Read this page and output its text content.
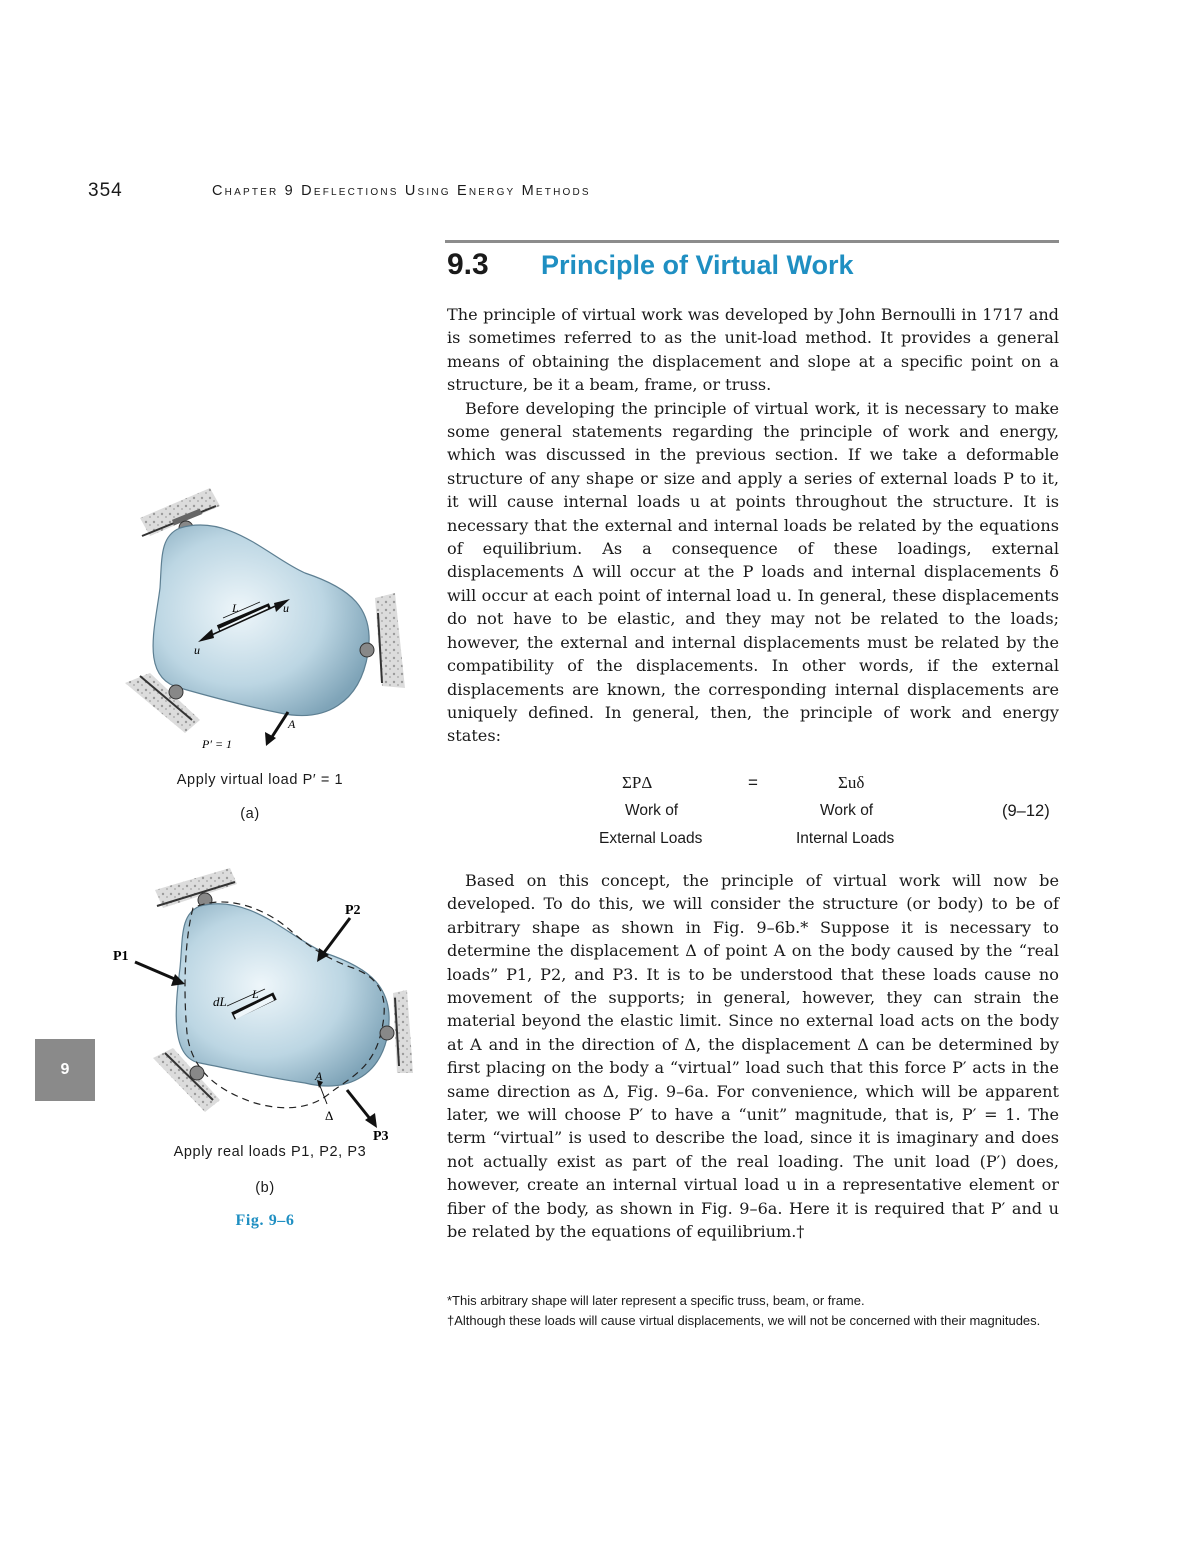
354	Chapter 9 Deflections Using Energy Methods
9.3 Principle of Virtual Work

The principle of virtual work was developed by John Bernoulli in 1717 and is sometimes referred to as the unit-load method. It provides a general means of obtaining the displacement and slope at a specific point on a structure, be it a beam, frame, or truss.

Before developing the principle of virtual work, it is necessary to make some general statements regarding the principle of work and energy, which was discussed in the previous section. If we take a deformable structure of any shape or size and apply a series of external loads P to it, it will cause internal loads u at points throughout the structure. It is necessary that the external and internal loads be related by the equations of equilibrium. As a consequence of these loadings, external displacements Δ will occur at the P loads and internal displacements δ will occur at each point of internal load u. In general, these displacements do not have to be elastic, and they may not be related to the loads; however, the external and internal displacements must be related by the compatibility of the displacements. In other words, if the external displacements are known, the corresponding internal displacements are uniquely defined. In general, then, the principle of work and energy states:

ΣPΔ	=	Σuδ
Work of	Work of	(9–12)
External Loads	Internal Loads

Based on this concept, the principle of virtual work will now be developed. To do this, we will consider the structure (or body) to be of arbitrary shape as shown in Fig. 9–6b.* Suppose it is necessary to determine the displacement Δ of point A on the body caused by the “real loads” P1, P2, and P3. It is to be understood that these loads cause no movement of the supports; in general, however, they can strain the material beyond the elastic limit. Since no external load acts on the body at A and in the direction of Δ, the displacement Δ can be determined by first placing on the body a “virtual” load such that this force P′ acts in the same direction as Δ, Fig. 9–6a. For convenience, which will be apparent later, we will choose P′ to have a “unit” magnitude, that is, P′ = 1. The term “virtual” is used to describe the load, since it is imaginary and does not actually exist as part of the real loading. The unit load (P′) does, however, create an internal virtual load u in a representative element or fiber of the body, as shown in Fig. 9–6a. Here it is required that P′ and u be related by the equations of equilibrium.†

*This arbitrary shape will later represent a specific truss, beam, or frame.
†Although these loads will cause virtual displacements, we will not be concerned with their magnitudes.
9
u
u
L
A
P′ = 1
Apply virtual load P′ = 1
(a)
dL L
P1
P2
P3
A
Δ
Apply real loads P1, P2, P3
(b)
Fig. 9–6
